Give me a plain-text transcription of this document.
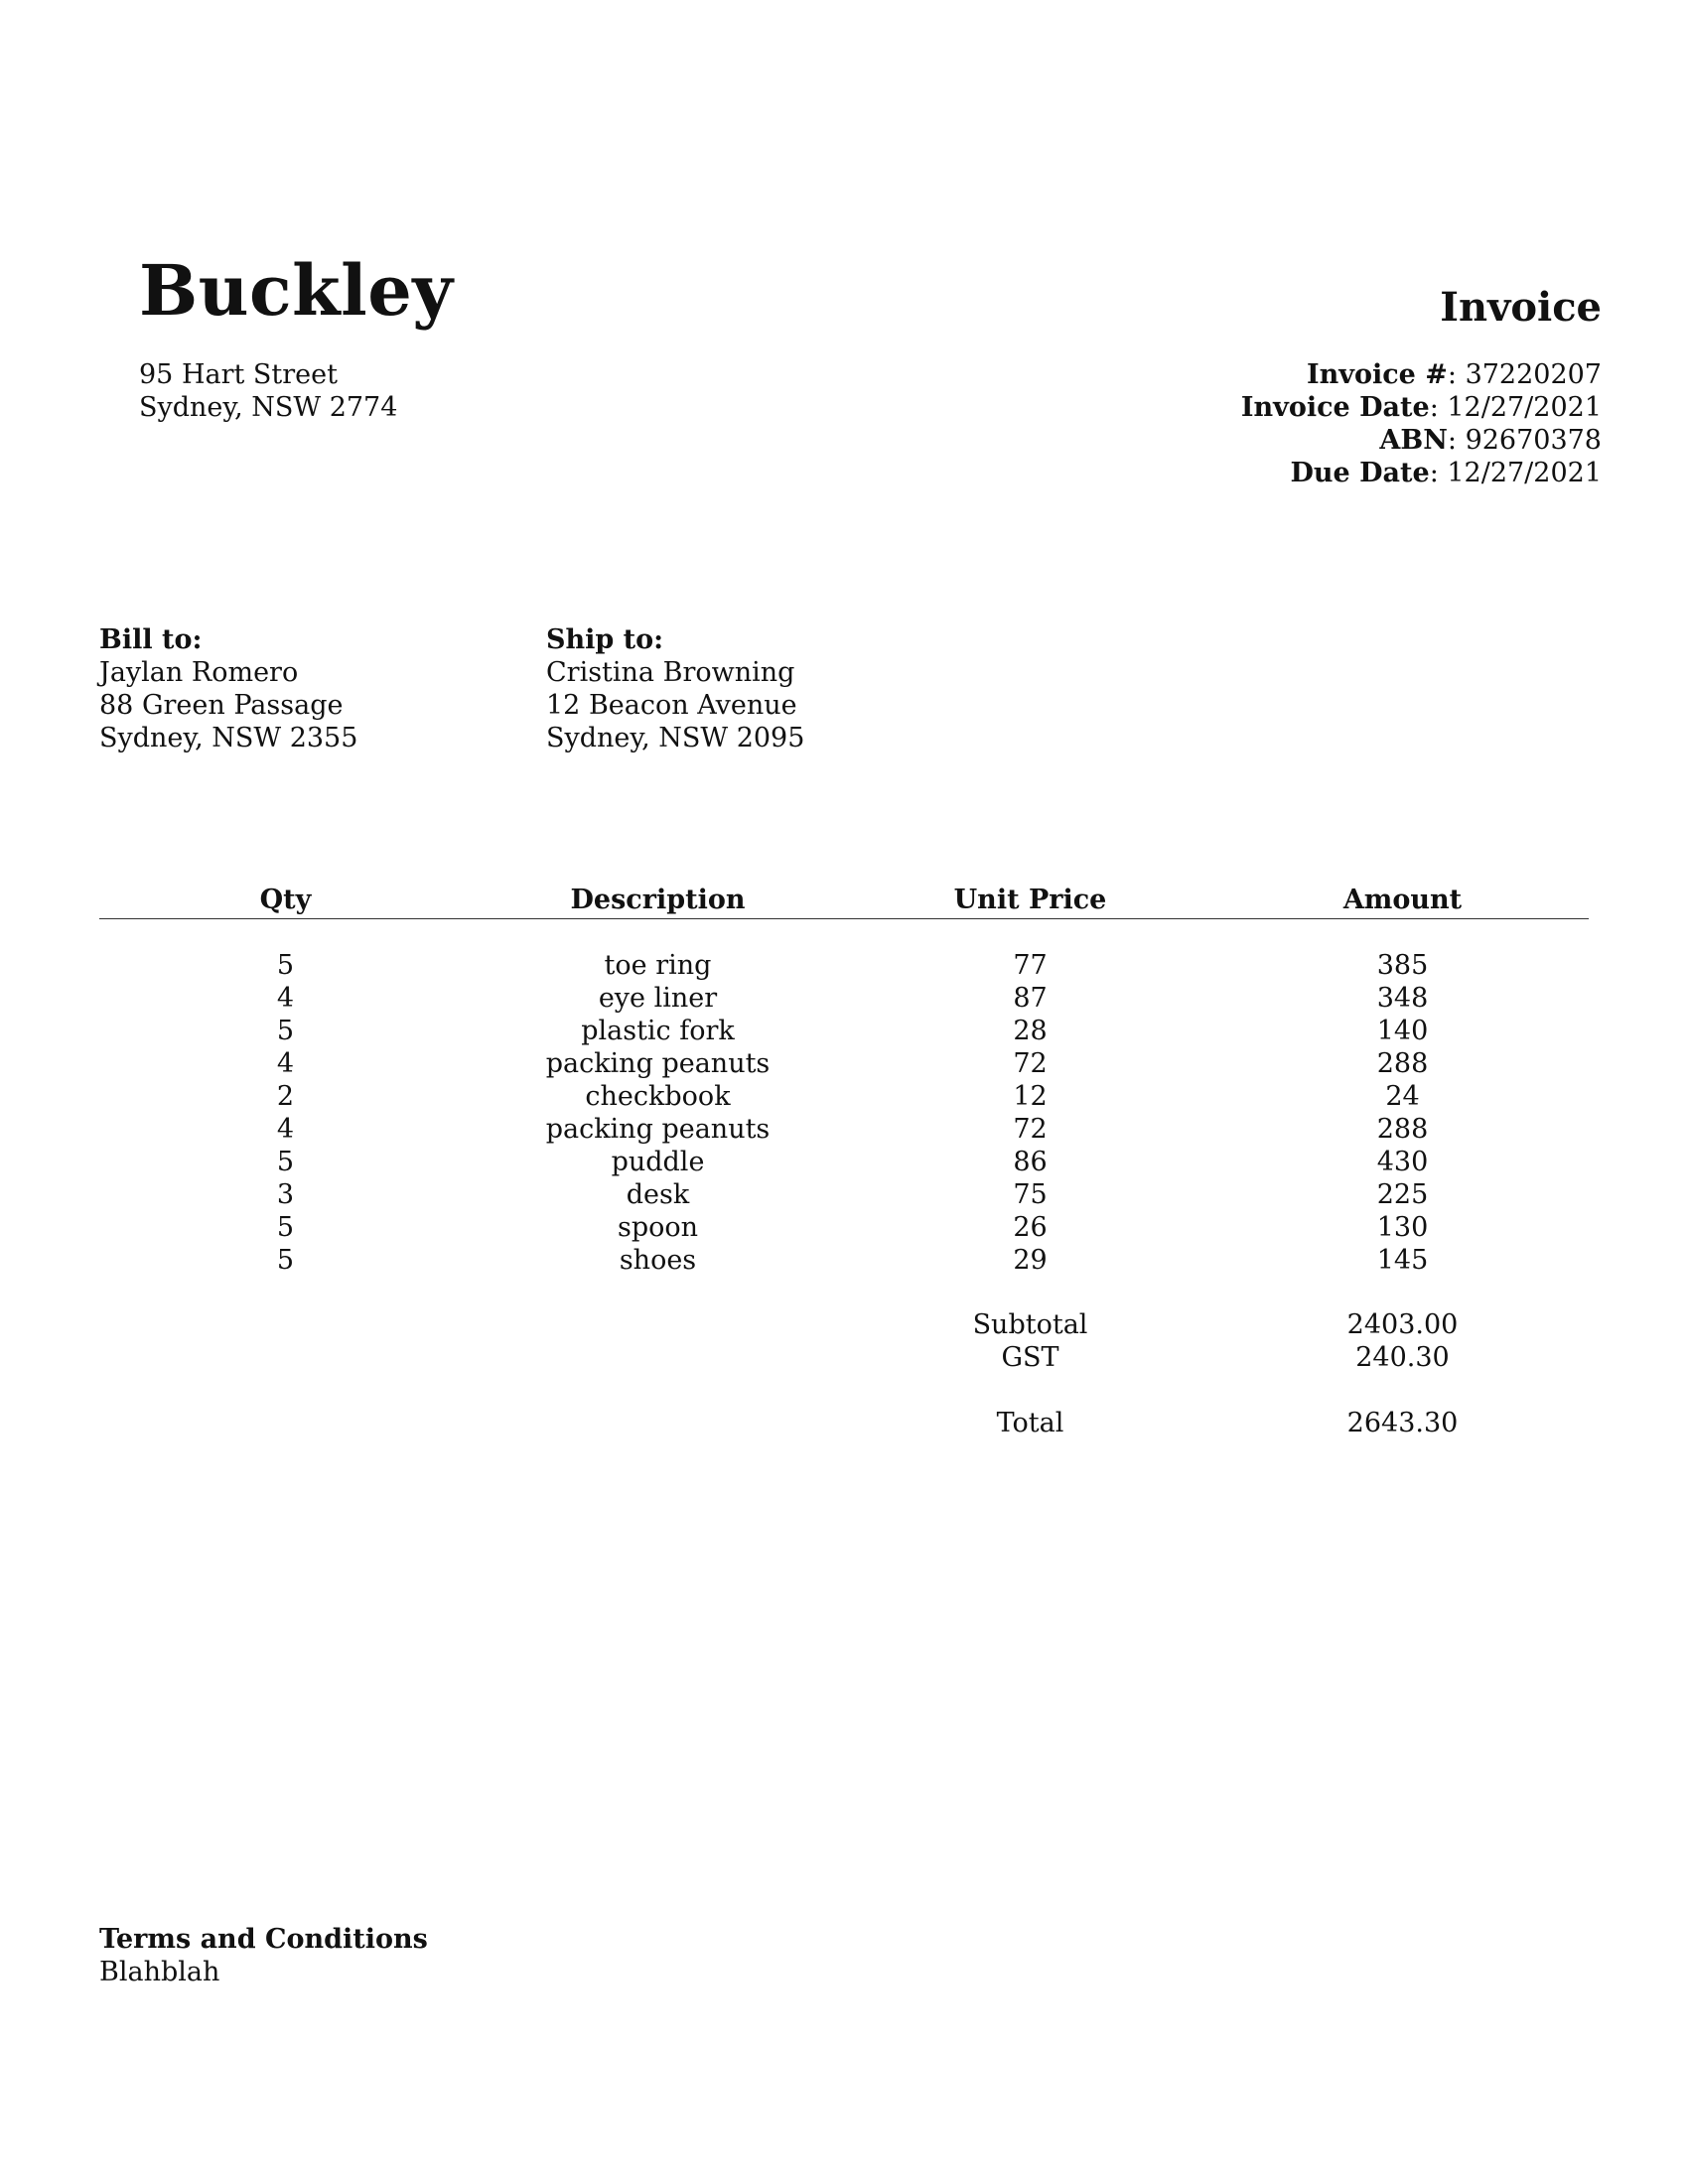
Buckley
95 Hart Street
Sydney, NSW 2774
Invoice
Invoice #: 37220207
Invoice Date: 12/27/2021
ABN: 92670378
Due Date: 12/27/2021
Bill to:
Jaylan Romero
88 Green Passage
Sydney, NSW 2355
Ship to:
Cristina Browning
12 Beacon Avenue
Sydney, NSW 2095
Qty	Description	Unit Price	Amount

5	toe ring	77	385
4	eye liner	87	348
5	plastic fork	28	140
4	packing peanuts	72	288
2	checkbook	12	24
4	packing peanuts	72	288
5	puddle	86	430
3	desk	75	225
5	spoon	26	130
5	shoes	29	145

		Subtotal	2403.00
		GST	240.30

		Total	2643.30
Terms and Conditions
Blahblah
